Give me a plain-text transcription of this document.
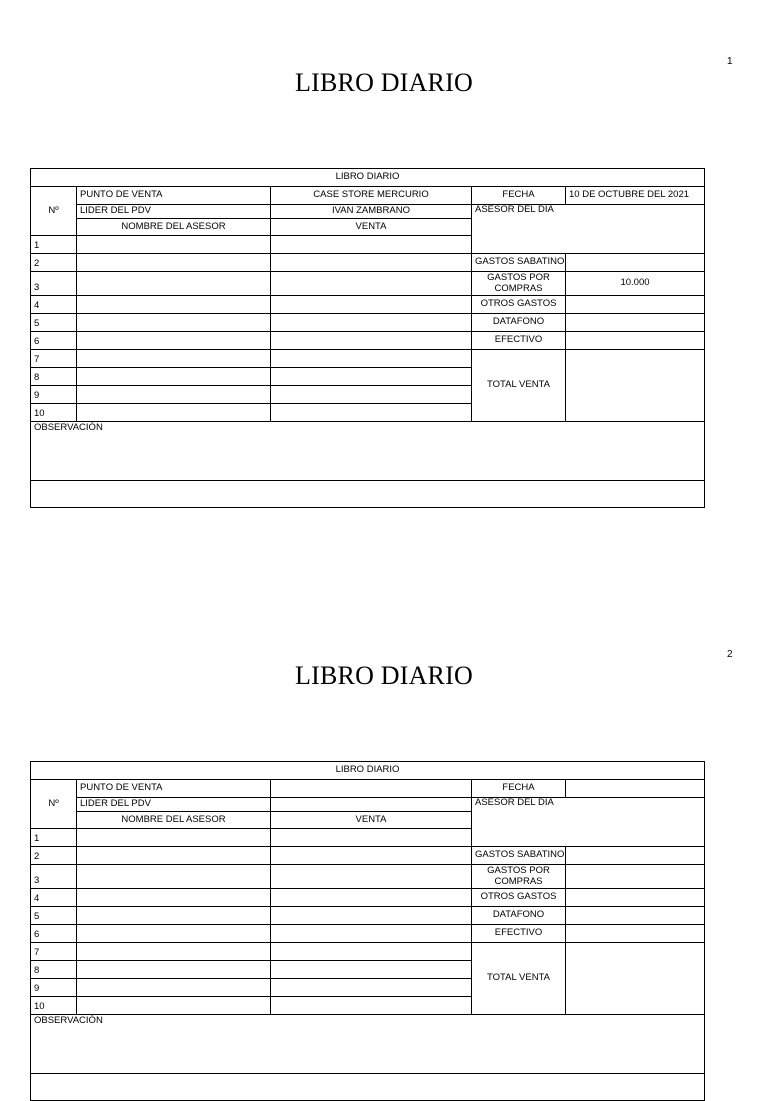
1
LIBRO DIARIO
LIBRO DIARIO				
Nº	PUNTO DE VENTA	CASE STORE MERCURIO	FECHA	10 DE OCTUBRE DEL 2021
	LIDER DEL PDV	IVAN ZAMBRANO	ASESOR DEL DIA	
	NOMBRE DEL ASESOR	VENTA		
1				
2			GASTOS SABATINO	
3			GASTOS POR COMPRAS	10.000
4			OTROS GASTOS	
5			DATAFONO	
6			EFECTIVO	
7			TOTAL VENTA	
8				
9				
10				
OBSERVACIÓN				

2
LIBRO DIARIO
LIBRO DIARIO				
Nº	PUNTO DE VENTA		FECHA	
	LIDER DEL PDV		ASESOR DEL DIA	
	NOMBRE DEL ASESOR	VENTA		
1				
2			GASTOS SABATINO	
3			GASTOS POR COMPRAS	
4			OTROS GASTOS	
5			DATAFONO	
6			EFECTIVO	
7			TOTAL VENTA	
8				
9				
10				
OBSERVACIÓN				
